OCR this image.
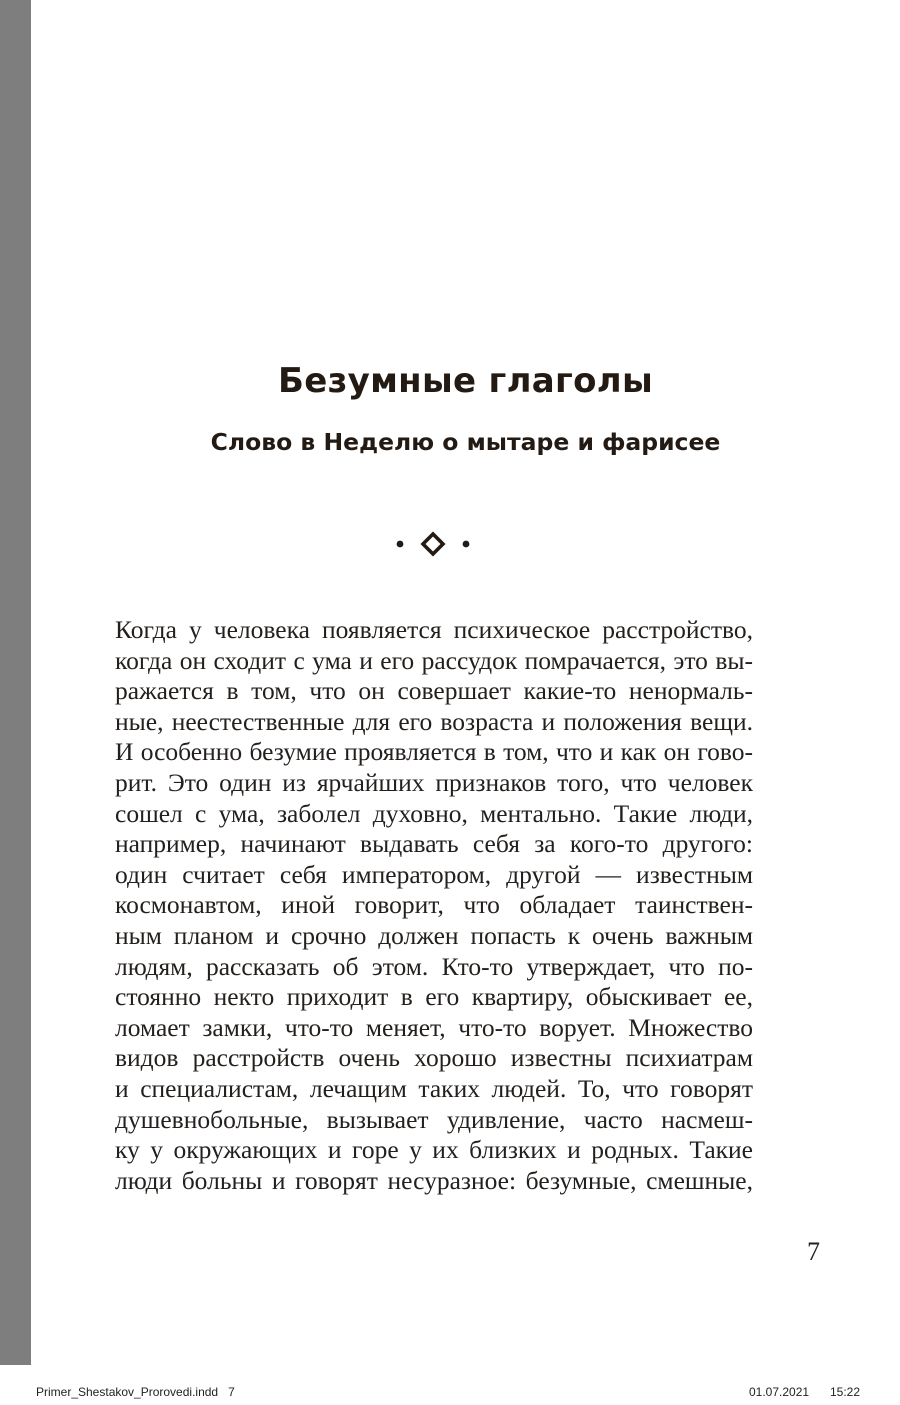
Безумные глаголы
Слово в Неделю о мытаре и фарисее
Когда у человека появляется психическое расстройство,
когда он сходит с ума и его рассудок помрачается, это вы-
ражается в том, что он совершает какие-то ненормаль-
ные, неестественные для его возраста и положения вещи.
И особенно безумие проявляется в том, что и как он гово-
рит. Это один из ярчайших признаков того, что человек
сошел с ума, заболел духовно, ментально. Такие люди,
например, начинают выдавать себя за кого-то другого:
один считает себя императором, другой — известным
космонавтом, иной говорит, что обладает таинствен-
ным планом и срочно должен попасть к очень важным
людям, рассказать об этом. Кто-то утверждает, что по-
стоянно некто приходит в его квартиру, обыскивает ее,
ломает замки, что-то меняет, что-то ворует. Множество
видов расстройств очень хорошо известны психиатрам
и специалистам, лечащим таких людей. То, что говорят
душевнобольные, вызывает удивление, часто насмеш-
ку у окружающих и горе у их близких и родных. Такие
люди больны и говорят несуразное: безумные, смешные,
7
Primer_Shestakov_Prorovedi.indd   7	01.07.2021 15:22
